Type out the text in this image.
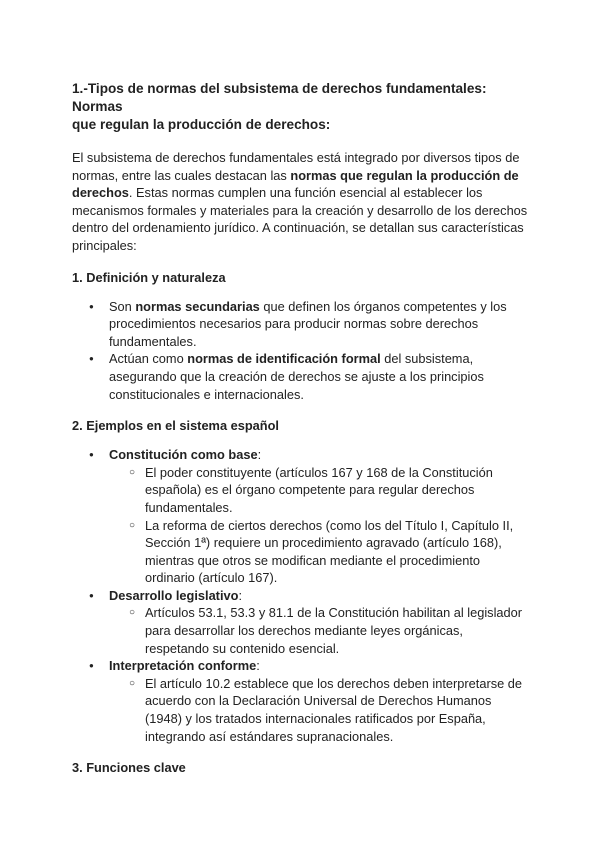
1.-Tipos de normas del subsistema de derechos fundamentales: Normas
que regulan la producción de derechos:

El subsistema de derechos fundamentales está integrado por diversos tipos de normas, entre las cuales destacan las normas que regulan la producción de derechos. Estas normas cumplen una función esencial al establecer los mecanismos formales y materiales para la creación y desarrollo de los derechos dentro del ordenamiento jurídico. A continuación, se detallan sus características principales:

1. Definición y naturaleza
● Son normas secundarias que definen los órganos competentes y los procedimientos necesarios para producir normas sobre derechos fundamentales.
● Actúan como normas de identificación formal del subsistema, asegurando que la creación de derechos se ajuste a los principios constitucionales e internacionales.
2. Ejemplos en el sistema español
● Constitución como base:
○ El poder constituyente (artículos 167 y 168 de la Constitución española) es el órgano competente para regular derechos fundamentales.
○ La reforma de ciertos derechos (como los del Título I, Capítulo II, Sección 1ª) requiere un procedimiento agravado (artículo 168), mientras que otros se modifican mediante el procedimiento ordinario (artículo 167).
● Desarrollo legislativo:
○ Artículos 53.1, 53.3 y 81.1 de la Constitución habilitan al legislador para desarrollar los derechos mediante leyes orgánicas, respetando su contenido esencial.
● Interpretación conforme:
○ El artículo 10.2 establece que los derechos deben interpretarse de acuerdo con la Declaración Universal de Derechos Humanos (1948) y los tratados internacionales ratificados por España, integrando así estándares supranacionales.
3. Funciones clave
